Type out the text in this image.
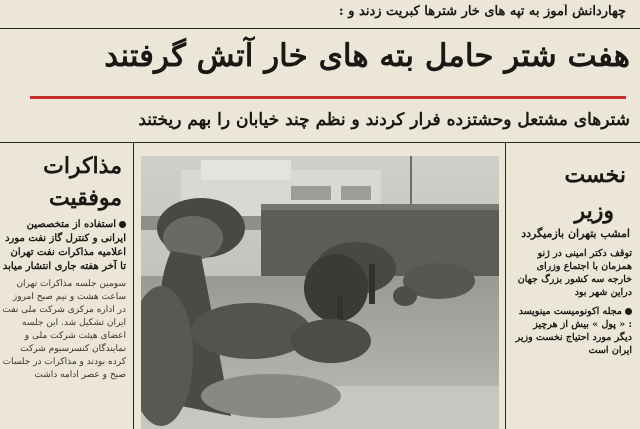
چهاردانش آموز به تپه های خار شترها کبریت زدند و :
هفت شتر حامل بته های خار آتش گرفتند
شترهای مشتعل وحشتزده فرار کردند و نظم چند خیابان را بهم ریختند
مذاکرات
موفقیت
استفاده از متخصصین ایرانی و کنترل گاز نفت مورد اعلامیه مذاکرات نفت تهران تا آخر هفته جاری انتشار میابد
سومین جلسه مذاکرات تهران ساعت هشت و نیم صبح امروز در اداره مرکزی شرکت ملی نفت ایران تشکیل شد. این جلسه اعضای هیئت شرکت ملی و نمایندگان کنسرسیوم شرکت کرده بودند و مذاکرات در جلسات صبح و عصر ادامه داشت
نخست
وزیر
امشب بتهران بازمیگردد
توقف دکتر امینی در ژنو همزمان با اجتماع وزرای خارجه سه کشور بزرگ جهان دراین شهر بود
مجله اکونومیست مینویسد : « پول » بیش از هرچیز دیگر مورد احتیاج نخست وزیر ایران است
